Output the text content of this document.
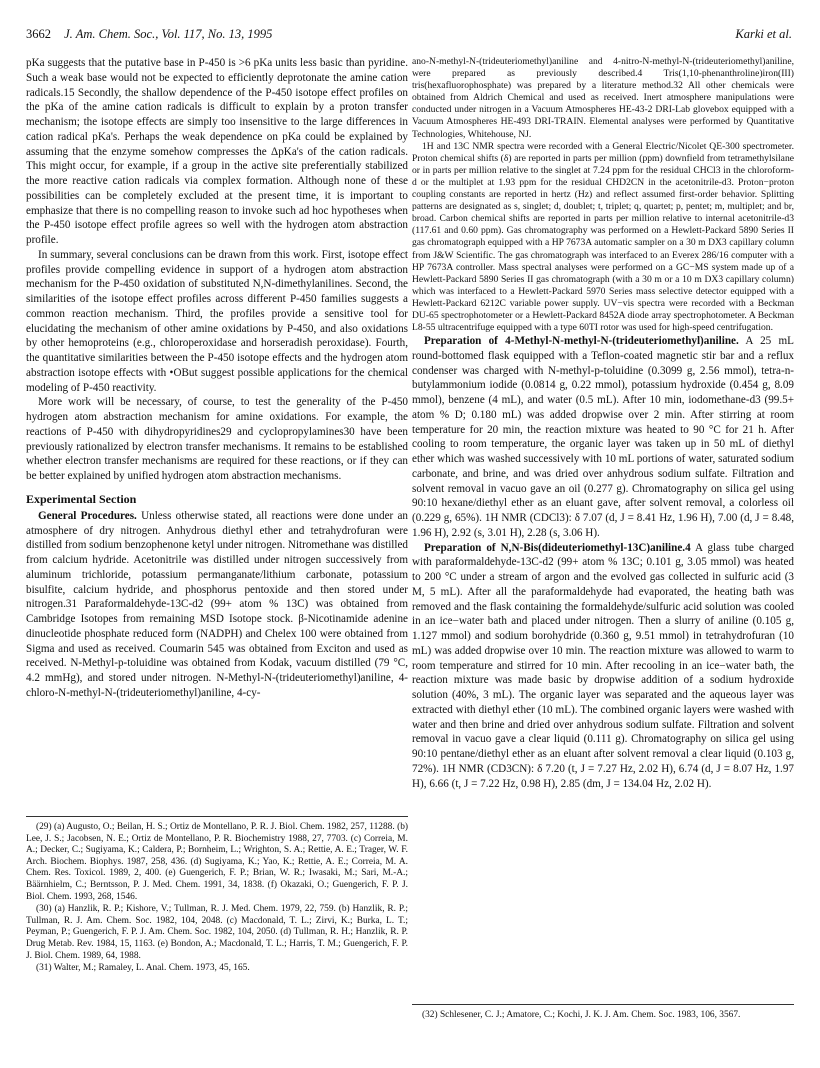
3662 J. Am. Chem. Soc., Vol. 117, No. 13, 1995	Karki et al.

pKa suggests that the putative base in P-450 is >6 pKa units less basic than pyridine. Such a weak base would not be expected to efficiently deprotonate the amine cation radicals.15 Secondly, the shallow dependence of the P-450 isotope effect profiles on the pKa of the amine cation radicals is difficult to explain by a proton transfer mechanism; the isotope effects are simply too insensitive to the large differences in cation radical pKa's. Perhaps the weak dependence on pKa could be explained by assuming that the enzyme somehow compresses the ΔpKa's of the cation radicals. This might occur, for example, if a group in the active site preferentially stabilized the more reactive cation radicals via complex formation. Although none of these possibilities can be completely excluded at the present time, it is important to emphasize that there is no compelling reason to invoke such ad hoc hypotheses when the P-450 isotope effect profile agrees so well with the hydrogen atom abstraction profile.

In summary, several conclusions can be drawn from this work. First, isotope effect profiles provide compelling evidence in support of a hydrogen atom abstraction mechanism for the P-450 oxidation of substituted N,N-dimethylanilines. Second, the similarities of the isotope effect profiles across different P-450 families suggests a common reaction mechanism. Third, the profiles provide a sensitive tool for elucidating the mechanism of other amine oxidations by P-450, and also oxidations by other hemoproteins (e.g., chloroperoxidase and horseradish peroxidase). Fourth, the quantitative similarities between the P-450 isotope effects and the hydrogen atom abstraction isotope effects with •OBut suggest possible applications for the chemical modeling of P-450 reactivity.

More work will be necessary, of course, to test the generality of the P-450 hydrogen atom abstraction mechanism for amine oxidations. For example, the reactions of P-450 with dihydropyridines29 and cyclopropylamines30 have been previously rationalized by electron transfer mechanisms. It remains to be established whether electron transfer mechanisms are required for these reactions, or if they can be better explained by unified hydrogen atom abstraction mechanisms.

Experimental Section

General Procedures. Unless otherwise stated, all reactions were done under an atmosphere of dry nitrogen. Anhydrous diethyl ether and tetrahydrofuran were distilled from sodium benzophenone ketyl under nitrogen. Nitromethane was distilled from calcium hydride. Acetonitrile was distilled under nitrogen successively from aluminum trichloride, potassium permanganate/lithium carbonate, potassium bisulfite, calcium hydride, and phosphorus pentoxide and then stored under nitrogen.31 Paraformaldehyde-13C-d2 (99+ atom % 13C) was obtained from Cambridge Isotopes from remaining MSD Isotope stock. β-Nicotinamide adenine dinucleotide phosphate reduced form (NADPH) and Chelex 100 were obtained from Sigma and used as received. Coumarin 545 was obtained from Exciton and used as received. N-Methyl-p-toluidine was obtained from Kodak, vacuum distilled (79 °C, 4.2 mmHg), and stored under nitrogen. N-Methyl-N-(trideuteriomethyl)aniline, 4-chloro-N-methyl-N-(trideuteriomethyl)aniline, 4-cy-

(29) (a) Augusto, O.; Beilan, H. S.; Ortiz de Montellano, P. R. J. Biol. Chem. 1982, 257, 11288. (b) Lee, J. S.; Jacobsen, N. E.; Ortiz de Montellano, P. R. Biochemistry 1988, 27, 7703. (c) Correia, M. A.; Decker, C.; Sugiyama, K.; Caldera, P.; Bornheim, L.; Wrighton, S. A.; Rettie, A. E.; Trager, W. F. Arch. Biochem. Biophys. 1987, 258, 436. (d) Sugiyama, K.; Yao, K.; Rettie, A. E.; Correia, M. A. Chem. Res. Toxicol. 1989, 2, 400. (e) Guengerich, F. P.; Brian, W. R.; Iwasaki, M.; Sari, M.-A.; Bäärnhielm, C.; Berntsson, P. J. Med. Chem. 1991, 34, 1838. (f) Okazaki, O.; Guengerich, F. P. J. Biol. Chem. 1993, 268, 1546.

(30) (a) Hanzlik, R. P.; Kishore, V.; Tullman, R. J. Med. Chem. 1979, 22, 759. (b) Hanzlik, R. P.; Tullman, R. J. Am. Chem. Soc. 1982, 104, 2048. (c) Macdonald, T. L.; Zirvi, K.; Burka, L. T.; Peyman, P.; Guengerich, F. P. J. Am. Chem. Soc. 1982, 104, 2050. (d) Tullman, R. H.; Hanzlik, R. P. Drug Metab. Rev. 1984, 15, 1163. (e) Bondon, A.; Macdonald, T. L.; Harris, T. M.; Guengerich, F. P. J. Biol. Chem. 1989, 64, 1988.

(31) Walter, M.; Ramaley, L. Anal. Chem. 1973, 45, 165.

ano-N-methyl-N-(trideuteriomethyl)aniline and 4-nitro-N-methyl-N-(trideuteriomethyl)aniline, were prepared as previously described.4 Tris(1,10-phenanthroline)iron(III) tris(hexafluorophosphate) was prepared by a literature method.32 All other chemicals were obtained from Aldrich Chemical and used as received. Inert atmosphere manipulations were conducted under nitrogen in a Vacuum Atmospheres HE-43-2 DRI-Lab glovebox equipped with a Vacuum Atmospheres HE-493 DRI-TRAIN. Elemental analyses were performed by Quantitative Technologies, Whitehouse, NJ.

1H and 13C NMR spectra were recorded with a General Electric/Nicolet QE-300 spectrometer. Proton chemical shifts (δ) are reported in parts per million (ppm) downfield from tetramethylsilane or in parts per million relative to the singlet at 7.24 ppm for the residual CHCl3 in the chloroform-d or the multiplet at 1.93 ppm for the residual CHD2CN in the acetonitrile-d3. Proton−proton coupling constants are reported in hertz (Hz) and reflect assumed first-order behavior. Splitting patterns are designated as s, singlet; d, doublet; t, triplet; q, quartet; p, pentet; m, multiplet; and br, broad. Carbon chemical shifts are reported in parts per million relative to internal acetonitrile-d3 (117.61 and 0.60 ppm). Gas chromatography was performed on a Hewlett-Packard 5890 Series II gas chromatograph equipped with a HP 7673A automatic sampler on a 30 m DX3 capillary column from J&W Scientific. The gas chromatograph was interfaced to an Everex 286/16 computer with a HP 7673A controller. Mass spectral analyses were performed on a GC−MS system made up of a Hewlett-Packard 5890 Series II gas chromatograph (with a 30 m or a 10 m DX3 capillary column) which was interfaced to a Hewlett-Packard 5970 Series mass selective detector equipped with a Hewlett-Packard 6212C variable power supply. UV−vis spectra were recorded with a Beckman DU-65 spectrophotometer or a Hewlett-Packard 8452A diode array spectrophotometer. A Beckman L8-55 ultracentrifuge equipped with a type 60TI rotor was used for high-speed centrifugation.

Preparation of 4-Methyl-N-methyl-N-(trideuteriomethyl)aniline. A 25 mL round-bottomed flask equipped with a Teflon-coated magnetic stir bar and a reflux condenser was charged with N-methyl-p-toluidine (0.3099 g, 2.56 mmol), tetra-n-butylammonium iodide (0.0814 g, 0.22 mmol), potassium hydroxide (0.454 g, 8.09 mmol), benzene (4 mL), and water (0.5 mL). After 10 min, iodomethane-d3 (99.5+ atom % D; 0.180 mL) was added dropwise over 2 min. After stirring at room temperature for 20 min, the reaction mixture was heated to 90 °C for 21 h. After cooling to room temperature, the organic layer was taken up in 50 mL of diethyl ether which was washed successively with 10 mL portions of water, saturated sodium carbonate, and brine, and was dried over anhydrous sodium sulfate. Filtration and solvent removal in vacuo gave an oil (0.277 g). Chromatography on silica gel using 90:10 hexane/diethyl ether as an eluant gave, after solvent removal, a colorless oil (0.229 g, 65%). 1H NMR (CDCl3): δ 7.07 (d, J = 8.41 Hz, 1.96 H), 7.00 (d, J = 8.48, 1.96 H), 2.92 (s, 3.01 H), 2.28 (s, 3.06 H).

Preparation of N,N-Bis(dideuteriomethyl-13C)aniline.4 A glass tube charged with paraformaldehyde-13C-d2 (99+ atom % 13C; 0.101 g, 3.05 mmol) was heated to 200 °C under a stream of argon and the evolved gas collected in sulfuric acid (3 M, 5 mL). After all the paraformaldehyde had evaporated, the heating bath was removed and the flask containing the formaldehyde/sulfuric acid solution was cooled in an ice−water bath and placed under nitrogen. Then a slurry of aniline (0.105 g, 1.127 mmol) and sodium borohydride (0.360 g, 9.51 mmol) in tetrahydrofuran (10 mL) was added dropwise over 10 min. The reaction mixture was allowed to warm to room temperature and stirred for 10 min. After recooling in an ice−water bath, the reaction mixture was made basic by dropwise addition of a sodium hydroxide solution (40%, 3 mL). The organic layer was separated and the aqueous layer was extracted with diethyl ether (10 mL). The combined organic layers were washed with water and then brine and dried over anhydrous sodium sulfate. Filtration and solvent removal in vacuo gave a clear liquid (0.111 g). Chromatography on silica gel using 90:10 pentane/diethyl ether as an eluant after solvent removal a clear liquid (0.103 g, 72%). 1H NMR (CD3CN): δ 7.20 (t, J = 7.27 Hz, 2.02 H), 6.74 (d, J = 8.07 Hz, 1.97 H), 6.66 (t, J = 7.22 Hz, 0.98 H), 2.85 (dm, J = 134.04 Hz, 2.02 H).

(32) Schlesener, C. J.; Amatore, C.; Kochi, J. K. J. Am. Chem. Soc. 1983, 106, 3567.
